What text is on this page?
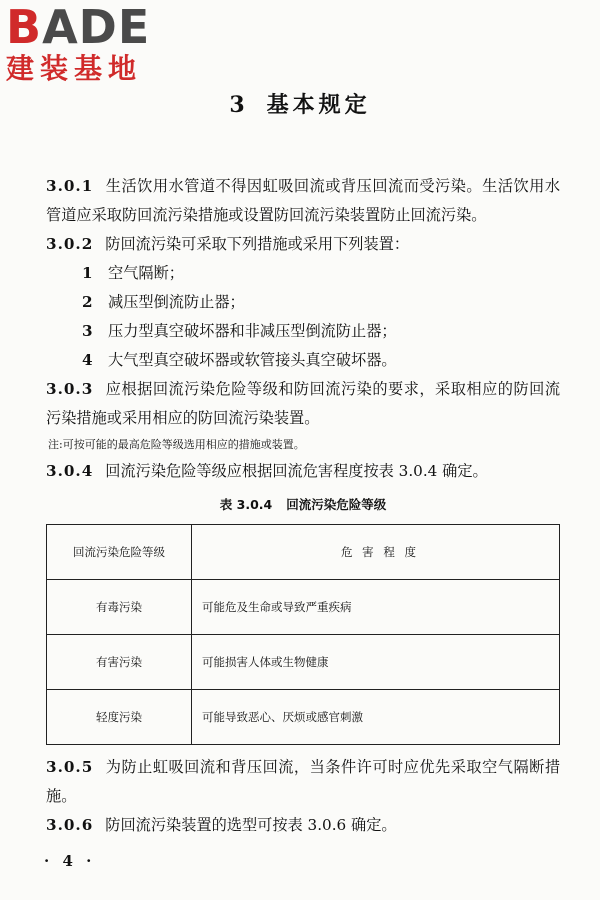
BADE
建装基地
3 基本规定

3.0.1 生活饮用水管道不得因虹吸回流或背压回流而受污染。生活饮用水管道应采取防回流污染措施或设置防回流污染装置防止回流污染。

3.0.2 防回流污染可采取下列措施或采用下列装置：

1 空气隔断；

2 减压型倒流防止器；

3 压力型真空破坏器和非减压型倒流防止器；

4 大气型真空破坏器或软管接头真空破坏器。

3.0.3 应根据回流污染危险等级和防回流污染的要求，采取相应的防回流污染措施或采用相应的防回流污染装置。

注:可按可能的最高危险等级选用相应的措施或装置。

3.0.4 回流污染危险等级应根据回流危害程度按表 3.0.4 确定。

表 3.0.4 回流污染危险等级
回流污染危险等级	危 害 程 度
有毒污染	可能危及生命或导致严重疾病
有害污染	可能损害人体或生物健康
轻度污染	可能导致恶心、厌烦或感官刺激

3.0.5 为防止虹吸回流和背压回流，当条件许可时应优先采取空气隔断措施。

3.0.6 防回流污染装置的选型可按表 3.0.6 确定。

· 4 ·
